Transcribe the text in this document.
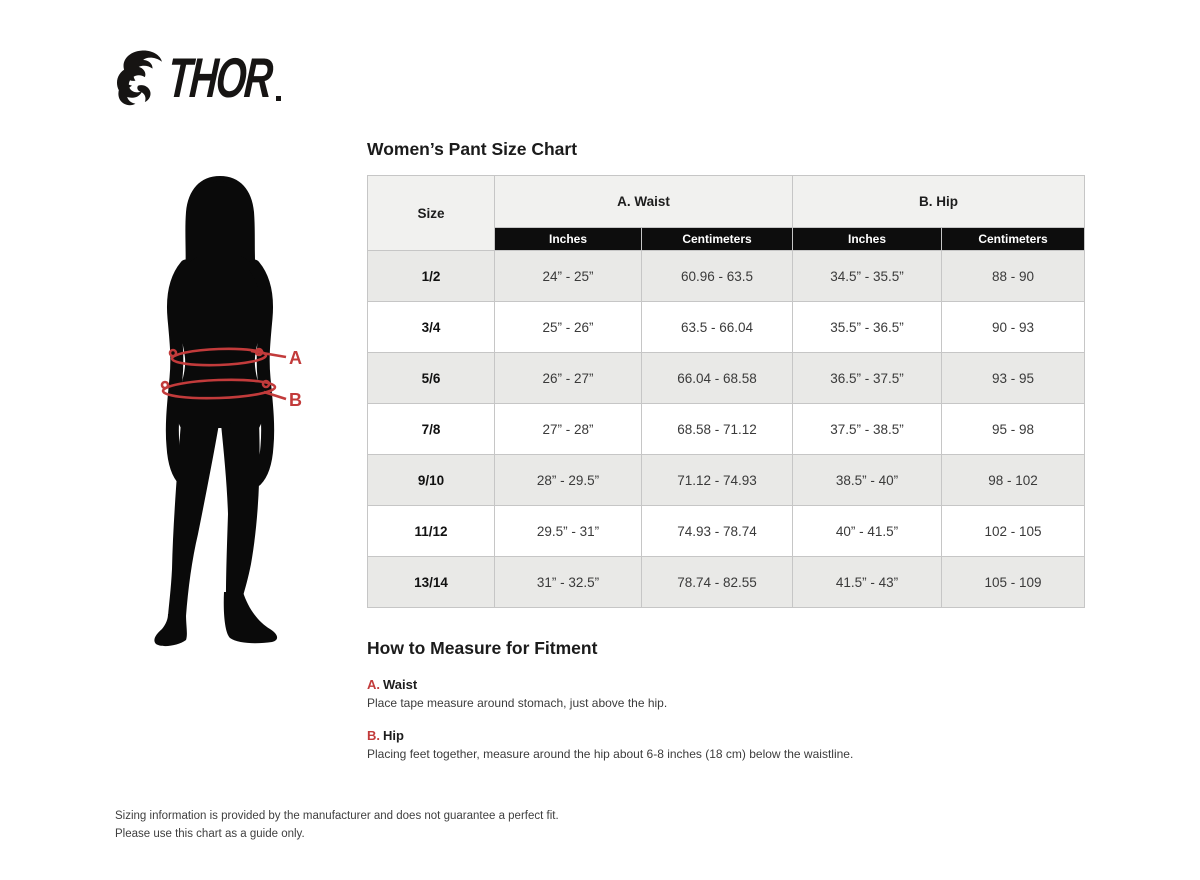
THOR
A
B
Women’s Pant Size Chart
Size	A. Waist		B. Hip	
	Inches	Centimeters	Inches	Centimeters
1/2	24” - 25”	60.96 - 63.5	34.5” - 35.5”	88 - 90
3/4	25” - 26”	63.5 - 66.04	35.5” - 36.5”	90 - 93
5/6	26” - 27”	66.04 - 68.58	36.5” - 37.5”	93 - 95
7/8	27” - 28”	68.58 - 71.12	37.5” - 38.5”	95 - 98
9/10	28” - 29.5”	71.12 - 74.93	38.5” - 40”	98 - 102
11/12	29.5” - 31”	74.93 - 78.74	40” - 41.5”	102 - 105
13/14	31” - 32.5”	78.74 - 82.55	41.5” - 43”	105 - 109
How to Measure for Fitment
A. Waist
Place tape measure around stomach, just above the hip.
B. Hip
Placing feet together, measure around the hip about 6-8 inches (18 cm) below the waistline.
Sizing information is provided by the manufacturer and does not guarantee a perfect fit.
Please use this chart as a guide only.
